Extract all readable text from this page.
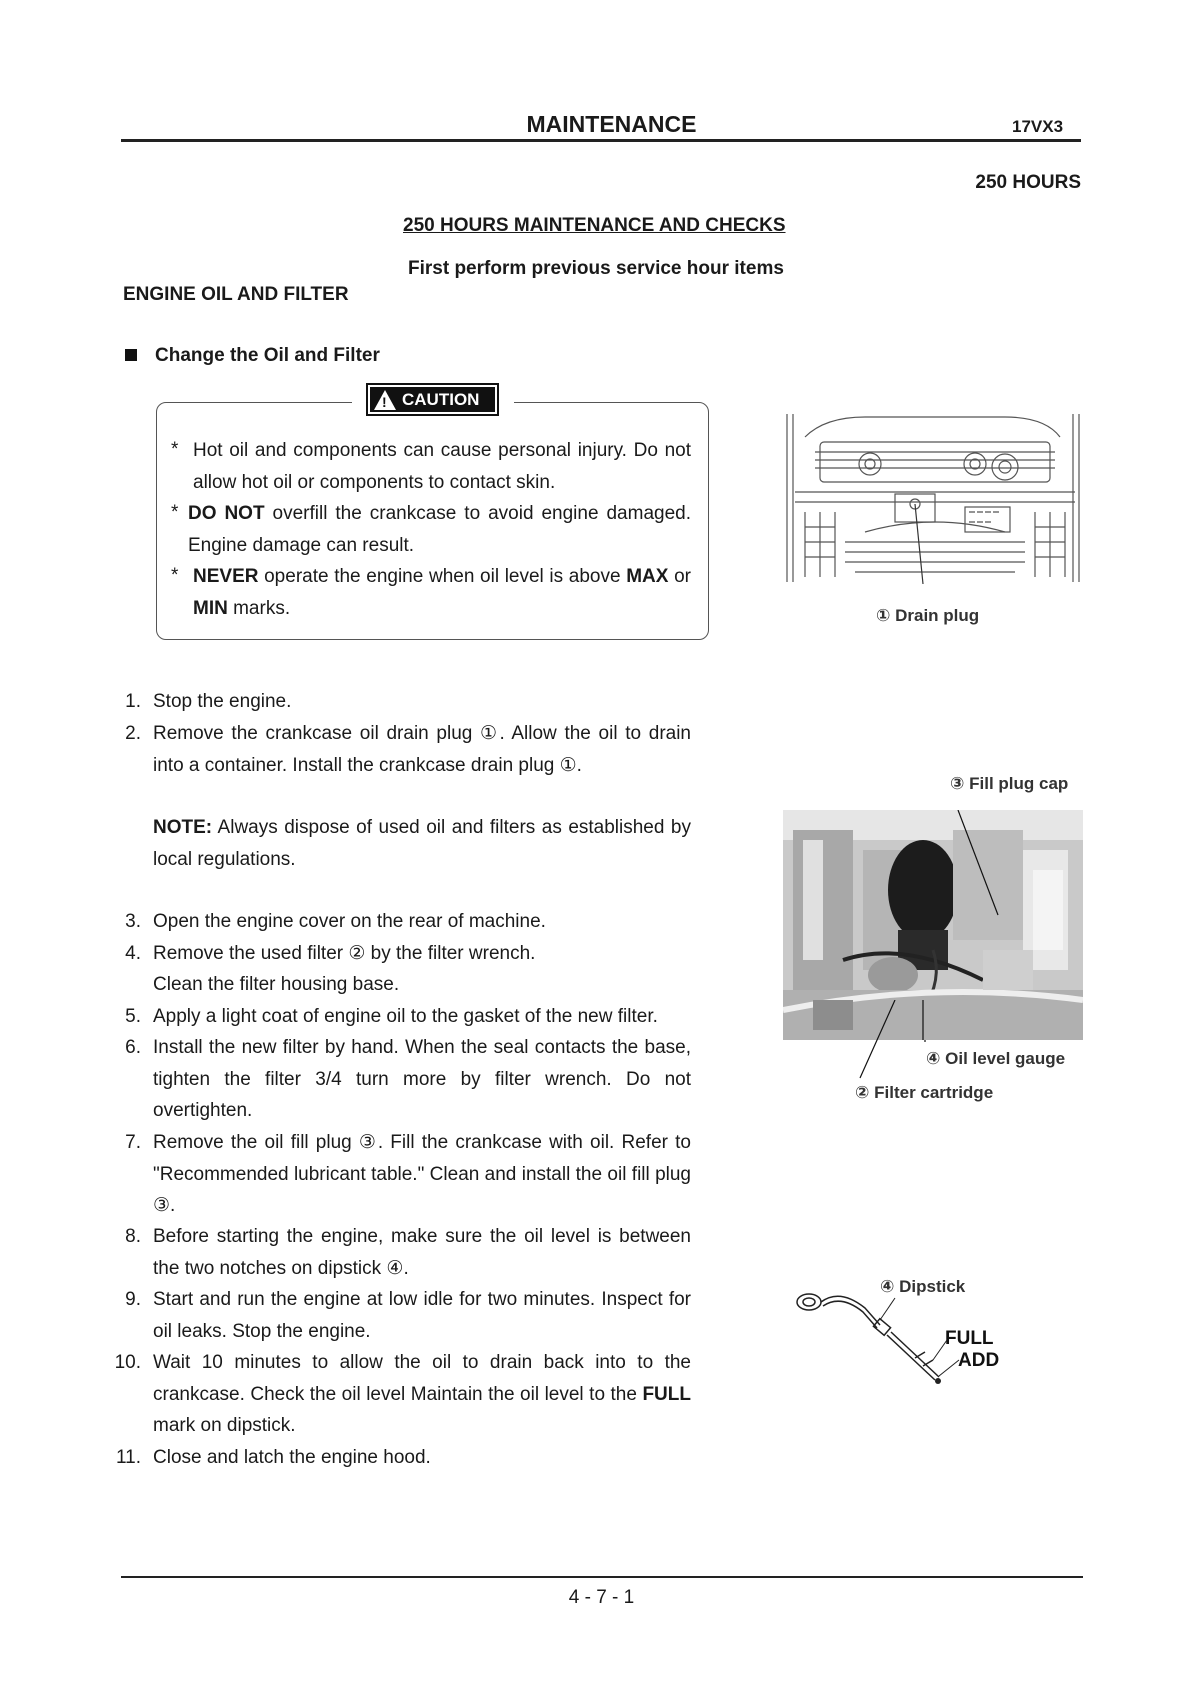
MAINTENANCE	17VX3
250 HOURS
250 HOURS MAINTENANCE AND CHECKS
First perform previous service hour items
ENGINE OIL AND FILTER
Change the Oil and Filter
! CAUTION
* Hot oil and components can cause personal injury. Do not allow hot oil or components to contact skin.
* DO NOT overfill the crankcase to avoid engine damaged. Engine damage can result.
* NEVER operate the engine when oil level is above MAX or MIN marks.
1. Stop the engine.
2. Remove the crankcase oil drain plug ①. Allow the oil to drain into a container. Install the crankcase drain plug ①.
NOTE: Always dispose of used oil and filters as established by local regulations.
3. Open the engine cover on the rear of machine.
4. Remove the used filter ② by the filter wrench.
Clean the filter housing base.
5. Apply a light coat of engine oil to the gasket of the new filter.
6. Install the new filter by hand. When the seal contacts the base, tighten the filter 3/4 turn more by filter wrench. Do not overtighten.
7. Remove the oil fill plug ③. Fill the crankcase with oil. Refer to "Recommended lubricant table." Clean and install the oil fill plug ③.
8. Before starting the engine, make sure the oil level is between the two notches on dipstick ④.
9. Start and run the engine at low idle for two minutes. Inspect for oil leaks. Stop the engine.
10. Wait 10 minutes to allow the oil to drain back into to the crankcase. Check the oil level Maintain the oil level to the FULL mark on dipstick.
11. Close and latch the engine hood.
① Drain plug
③ Fill plug cap
④ Oil level gauge
② Filter cartridge
④ Dipstick
FULL
ADD
4 - 7 - 1
